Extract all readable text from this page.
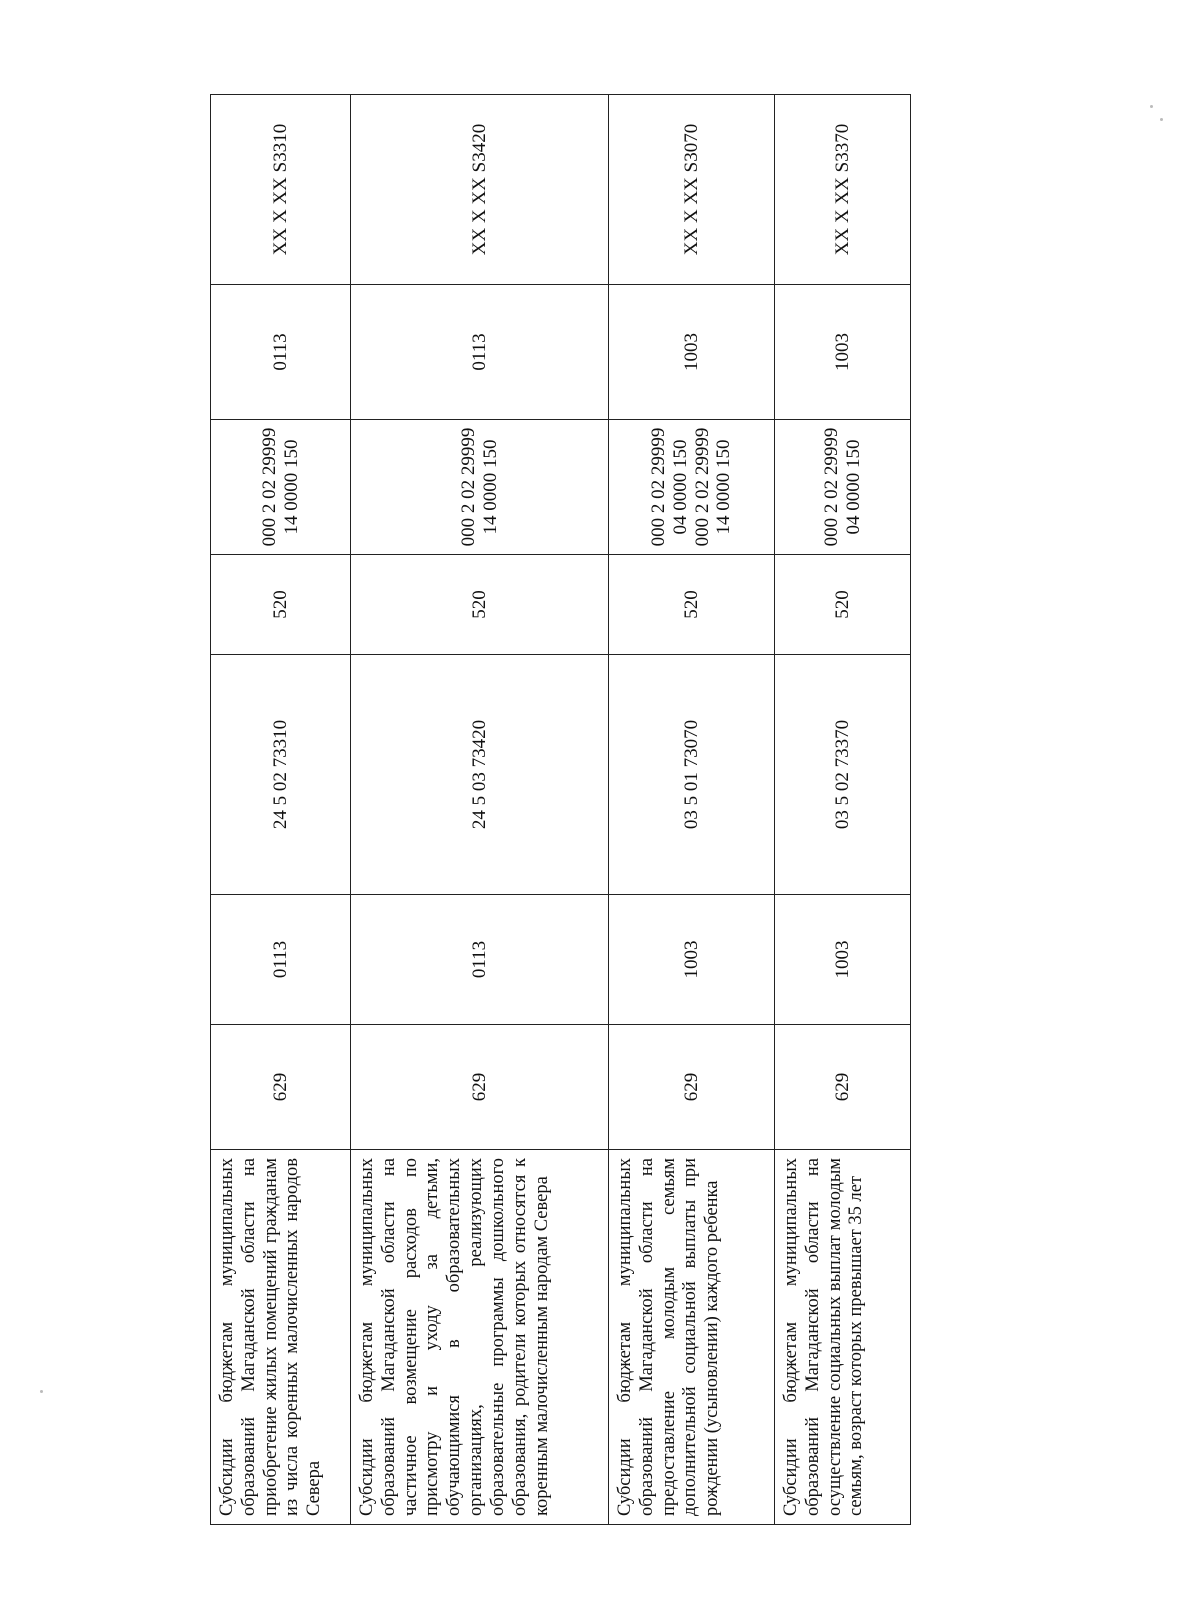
Субсидии бюджетам муниципальных образований Магаданской области на приобретение жилых помещений гражданам из числа коренных малочисленных народов Севера	629	0113	24 5 02 73310	520	000 2 02 29999 14 0000 150	0113	XX X XX S3310
Субсидии бюджетам муниципальных образований Магаданской области на частичное возмещение расходов по присмотру и уходу за детьми, обучающимися в образовательных организациях, реализующих образовательные программы дошкольного образования, родители которых относятся к коренным малочисленным народам Севера	629	0113	24 5 03 73420	520	000 2 02 29999 14 0000 150	0113	XX X XX S3420
Субсидии бюджетам муниципальных образований Магаданской области на предоставление молодым семьям дополнительной социальной выплаты при рождении (усыновлении) каждого ребенка	629	1003	03 5 01 73070	520	000 2 02 29999 04 0000 150 000 2 02 29999 14 0000 150	1003	XX X XX S3070
Субсидии бюджетам муниципальных образований Магаданской области на осуществление социальных выплат молодым семьям, возраст которых превышает 35 лет	629	1003	03 5 02 73370	520	000 2 02 29999 04 0000 150	1003	XX X XX S3370
